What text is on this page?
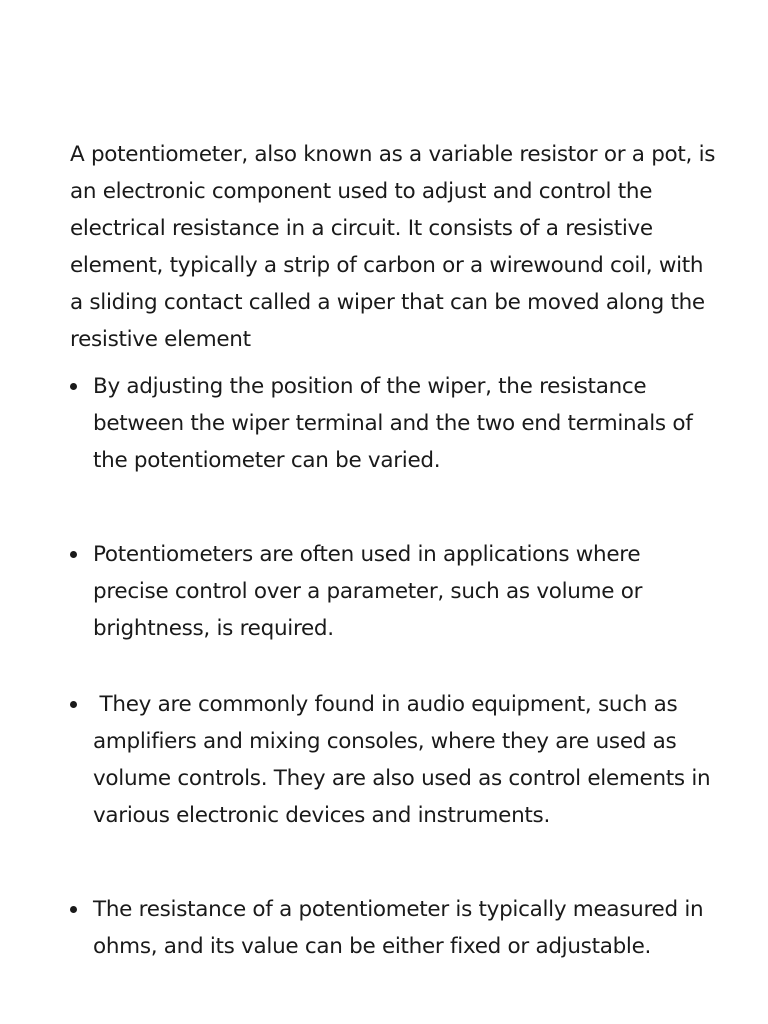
A potentiometer, also known as a variable resistor or a pot, is an electronic component used to adjust and control the electrical resistance in a circuit. It consists of a resistive element, typically a strip of carbon or a wirewound coil, with a sliding contact called a wiper that can be moved along the resistive element

By adjusting the position of the wiper, the resistance between the wiper terminal and the two end terminals of the potentiometer can be varied.
Potentiometers are often used in applications where precise control over a parameter, such as volume or brightness, is required.
They are commonly found in audio equipment, such as amplifiers and mixing consoles, where they are used as volume controls. They are also used as control elements in various electronic devices and instruments.
The resistance of a potentiometer is typically measured in ohms, and its value can be either fixed or adjustable.
